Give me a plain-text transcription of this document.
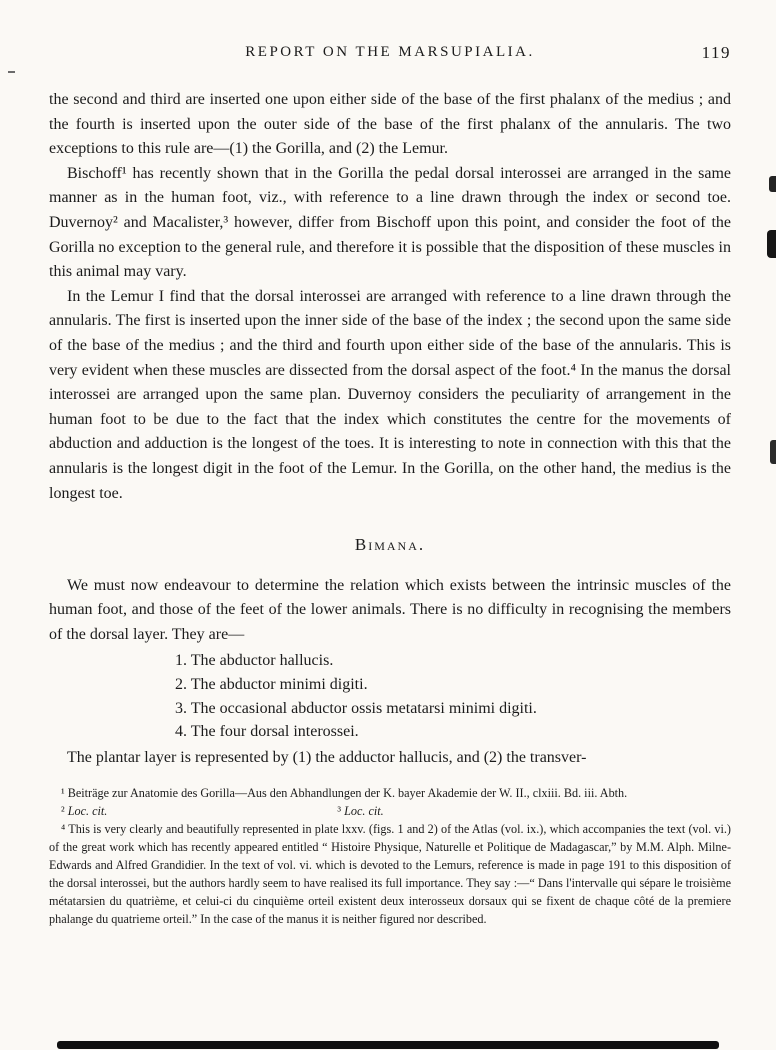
REPORT ON THE MARSUPIALIA.	119

the second and third are inserted one upon either side of the base of the first phalanx of the medius ; and the fourth is inserted upon the outer side of the base of the first phalanx of the annularis. The two exceptions to this rule are—(1) the Gorilla, and (2) the Lemur.

Bischoff¹ has recently shown that in the Gorilla the pedal dorsal interossei are arranged in the same manner as in the human foot, viz., with reference to a line drawn through the index or second toe. Duvernoy² and Macalister,³ however, differ from Bischoff upon this point, and consider the foot of the Gorilla no exception to the general rule, and therefore it is possible that the disposition of these muscles in this animal may vary.

In the Lemur I find that the dorsal interossei are arranged with reference to a line drawn through the annularis. The first is inserted upon the inner side of the base of the index ; the second upon the same side of the base of the medius ; and the third and fourth upon either side of the base of the annularis. This is very evident when these muscles are dissected from the dorsal aspect of the foot.⁴ In the manus the dorsal interossei are arranged upon the same plan. Duvernoy considers the peculiarity of arrangement in the human foot to be due to the fact that the index which constitutes the centre for the movements of abduction and adduction is the longest of the toes. It is interesting to note in connection with this that the annularis is the longest digit in the foot of the Lemur. In the Gorilla, on the other hand, the medius is the longest toe.

Bimana.

We must now endeavour to determine the relation which exists between the intrinsic muscles of the human foot, and those of the feet of the lower animals. There is no difficulty in recognising the members of the dorsal layer. They are—

1. The abductor hallucis.
2. The abductor minimi digiti.
3. The occasional abductor ossis metatarsi minimi digiti.
4. The four dorsal interossei.

The plantar layer is represented by (1) the adductor hallucis, and (2) the transver-

¹ Beiträge zur Anatomie des Gorilla—Aus den Abhandlungen der K. bayer Akademie der W. II., clxiii. Bd. iii. Abth.

² Loc. cit.	³ Loc. cit.

⁴ This is very clearly and beautifully represented in plate lxxv. (figs. 1 and 2) of the Atlas (vol. ix.), which accompanies the text (vol. vi.) of the great work which has recently appeared entitled “ Histoire Physique, Naturelle et Politique de Madagascar,” by M.M. Alph. Milne-Edwards and Alfred Grandidier. In the text of vol. vi. which is devoted to the Lemurs, reference is made in page 191 to this disposition of the dorsal interossei, but the authors hardly seem to have realised its full importance. They say :—“ Dans l'intervalle qui sépare le troisième métatarsien du quatrième, et celui-ci du cinquième orteil existent deux interosseux dorsaux qui se fixent de chaque côté de la premiere phalange du quatrieme orteil.” In the case of the manus it is neither figured nor described.
